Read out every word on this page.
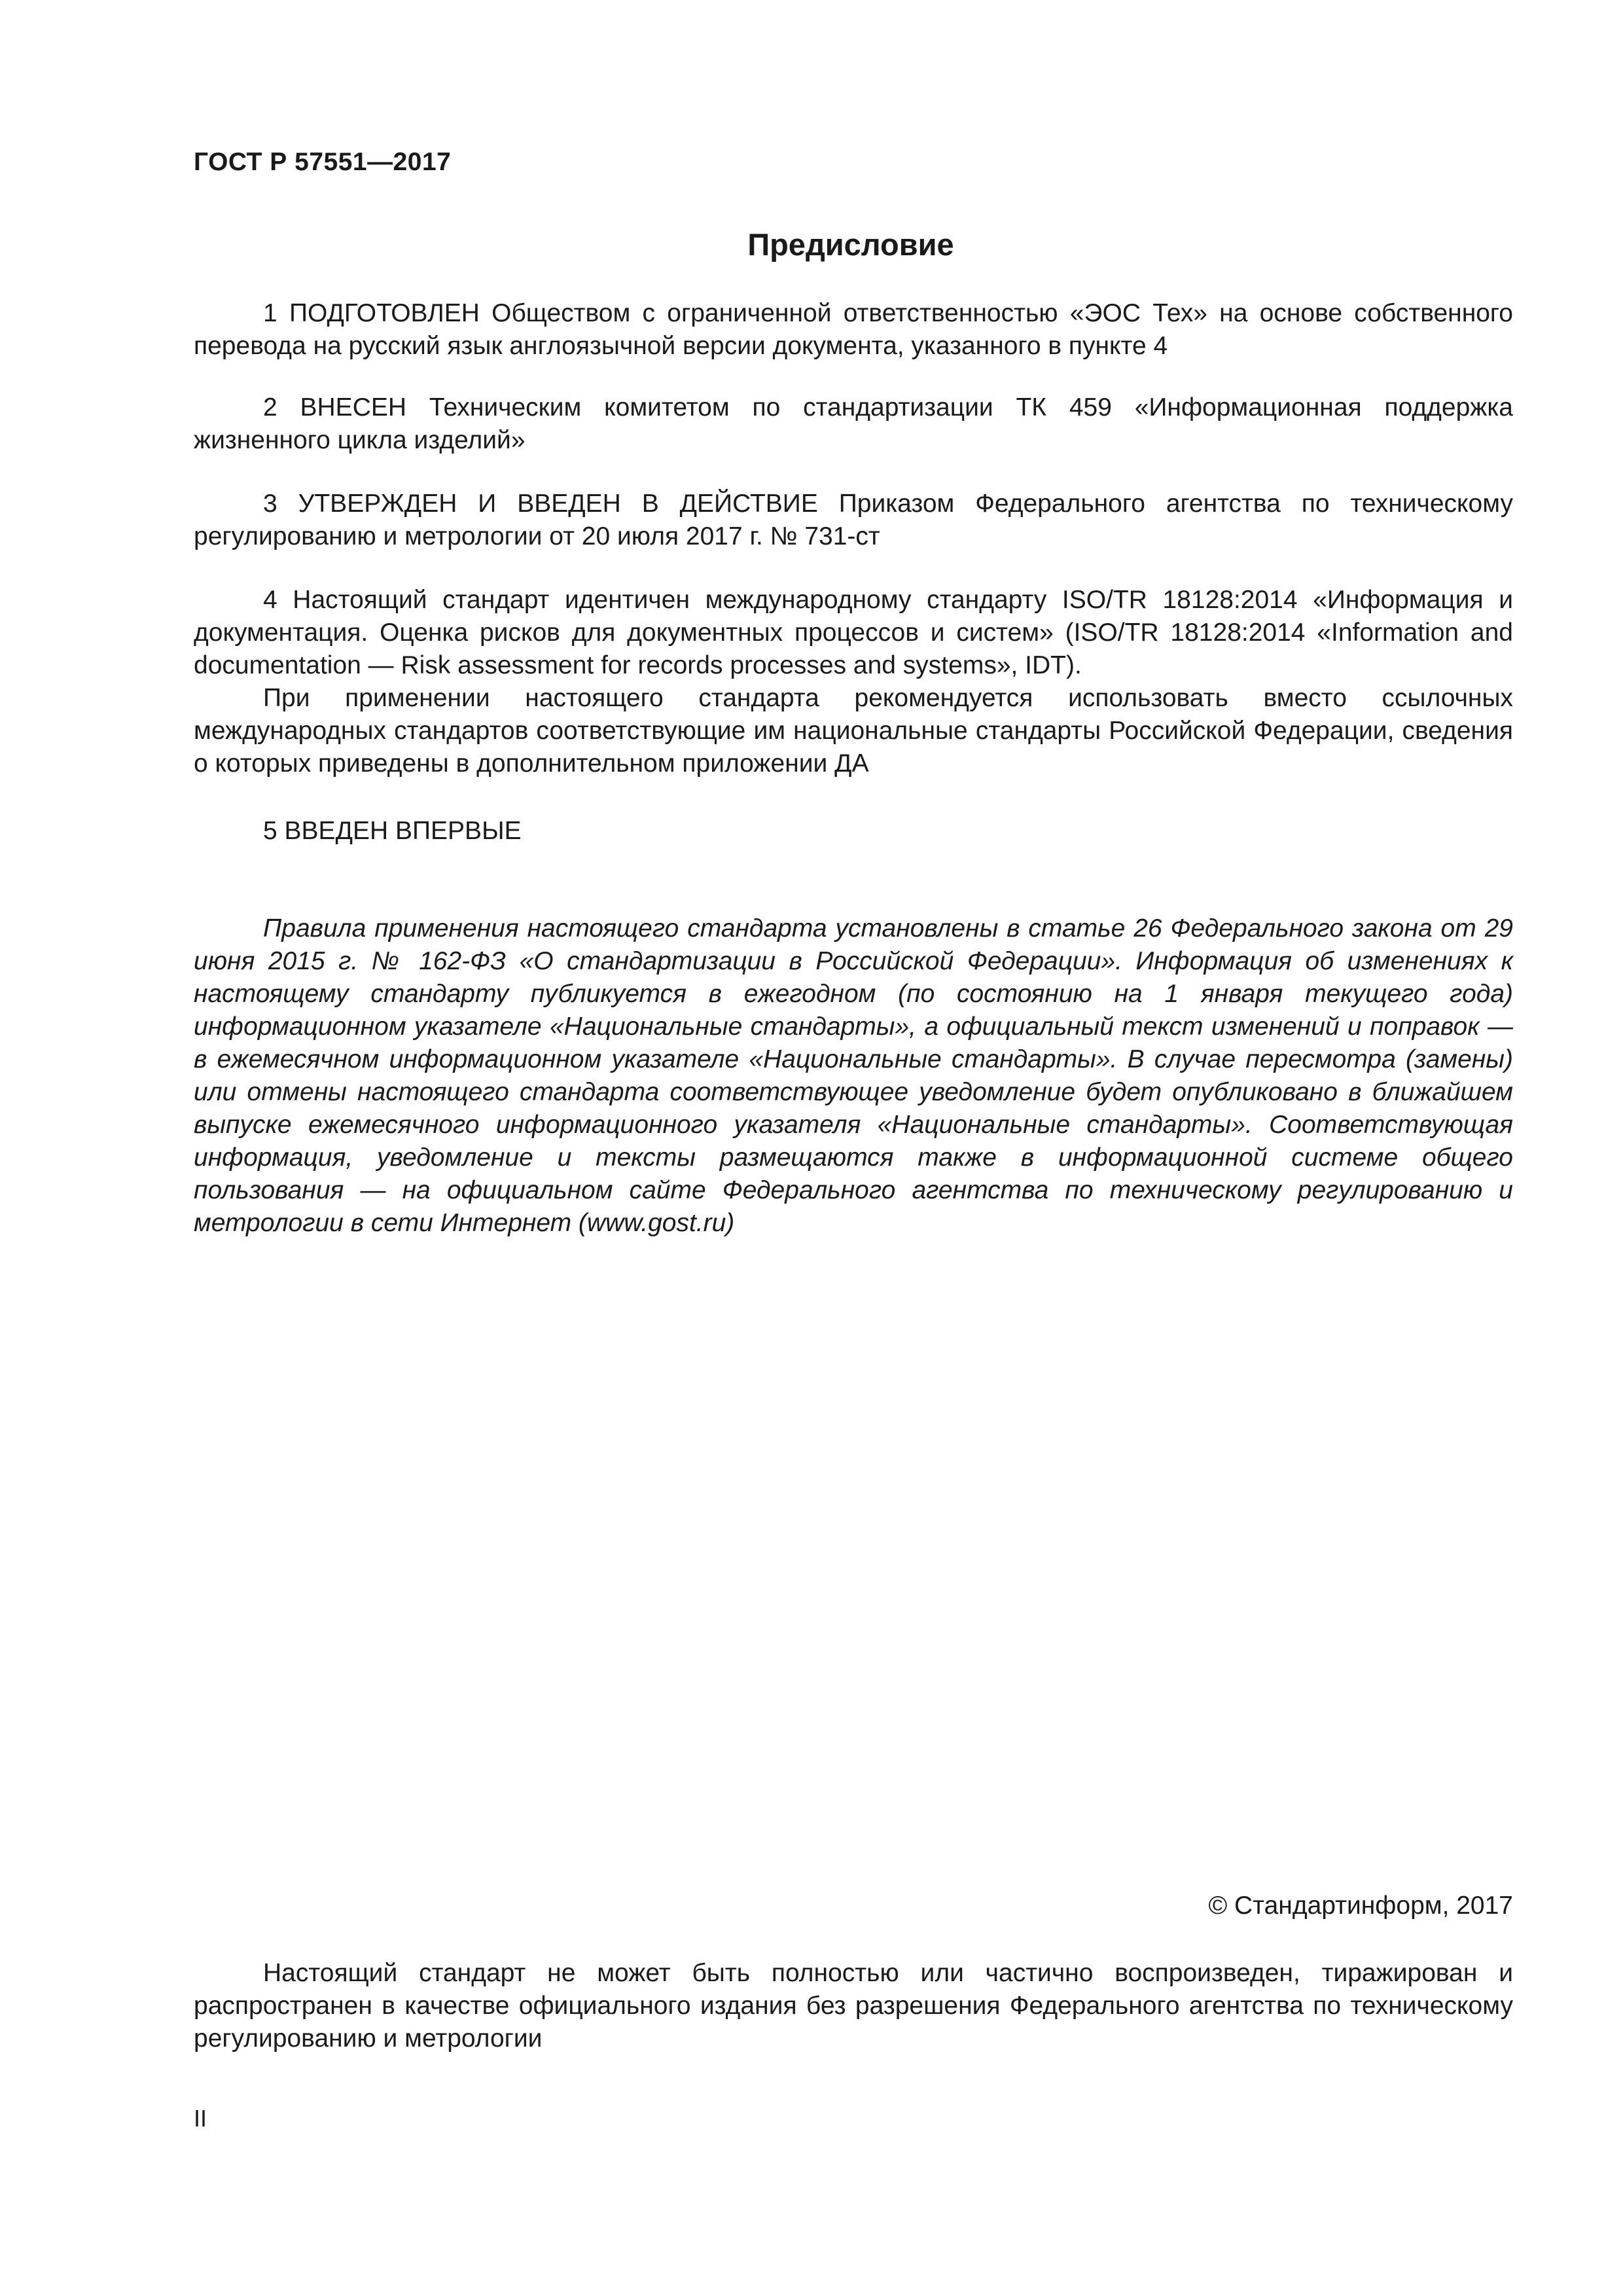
ГОСТ Р 57551—2017
Предисловие

1 ПОДГОТОВЛЕН Обществом с ограниченной ответственностью «ЭОС Тех» на основе собственного перевода на русский язык англоязычной версии документа, указанного в пункте 4

2 ВНЕСЕН Техническим комитетом по стандартизации ТК 459 «Информационная поддержка жизненного цикла изделий»

3 УТВЕРЖДЕН И ВВЕДЕН В ДЕЙСТВИЕ Приказом Федерального агентства по техническому регулированию и метрологии от 20 июля 2017 г. № 731-ст

4 Настоящий стандарт идентичен международному стандарту ISO/TR 18128:2014 «Информация и документация. Оценка рисков для документных процессов и систем» (ISO/TR 18128:2014 «Information and documentation — Risk assessment for records processes and systems», IDT).

При применении настоящего стандарта рекомендуется использовать вместо ссылочных международных стандартов соответствующие им национальные стандарты Российской Федерации, сведения о которых приведены в дополнительном приложении ДА

5 ВВЕДЕН ВПЕРВЫЕ

Правила применения настоящего стандарта установлены в статье 26 Федерального закона от 29 июня 2015 г. № 162-ФЗ «О стандартизации в Российской Федерации». Информация об изменениях к настоящему стандарту публикуется в ежегодном (по состоянию на 1 января текущего года) информационном указателе «Национальные стандарты», а официальный текст изменений и поправок — в ежемесячном информационном указателе «Национальные стандарты». В случае пересмотра (замены) или отмены настоящего стандарта соответствующее уведомление будет опубликовано в ближайшем выпуске ежемесячного информационного указателя «Национальные стандарты». Соответствующая информация, уведомление и тексты размещаются также в информационной системе общего пользования — на официальном сайте Федерального агентства по техническому регулированию и метрологии в сети Интернет (www.gost.ru)

© Стандартинформ, 2017

Настоящий стандарт не может быть полностью или частично воспроизведен, тиражирован и распространен в качестве официального издания без разрешения Федерального агентства по техническому регулированию и метрологии

II
